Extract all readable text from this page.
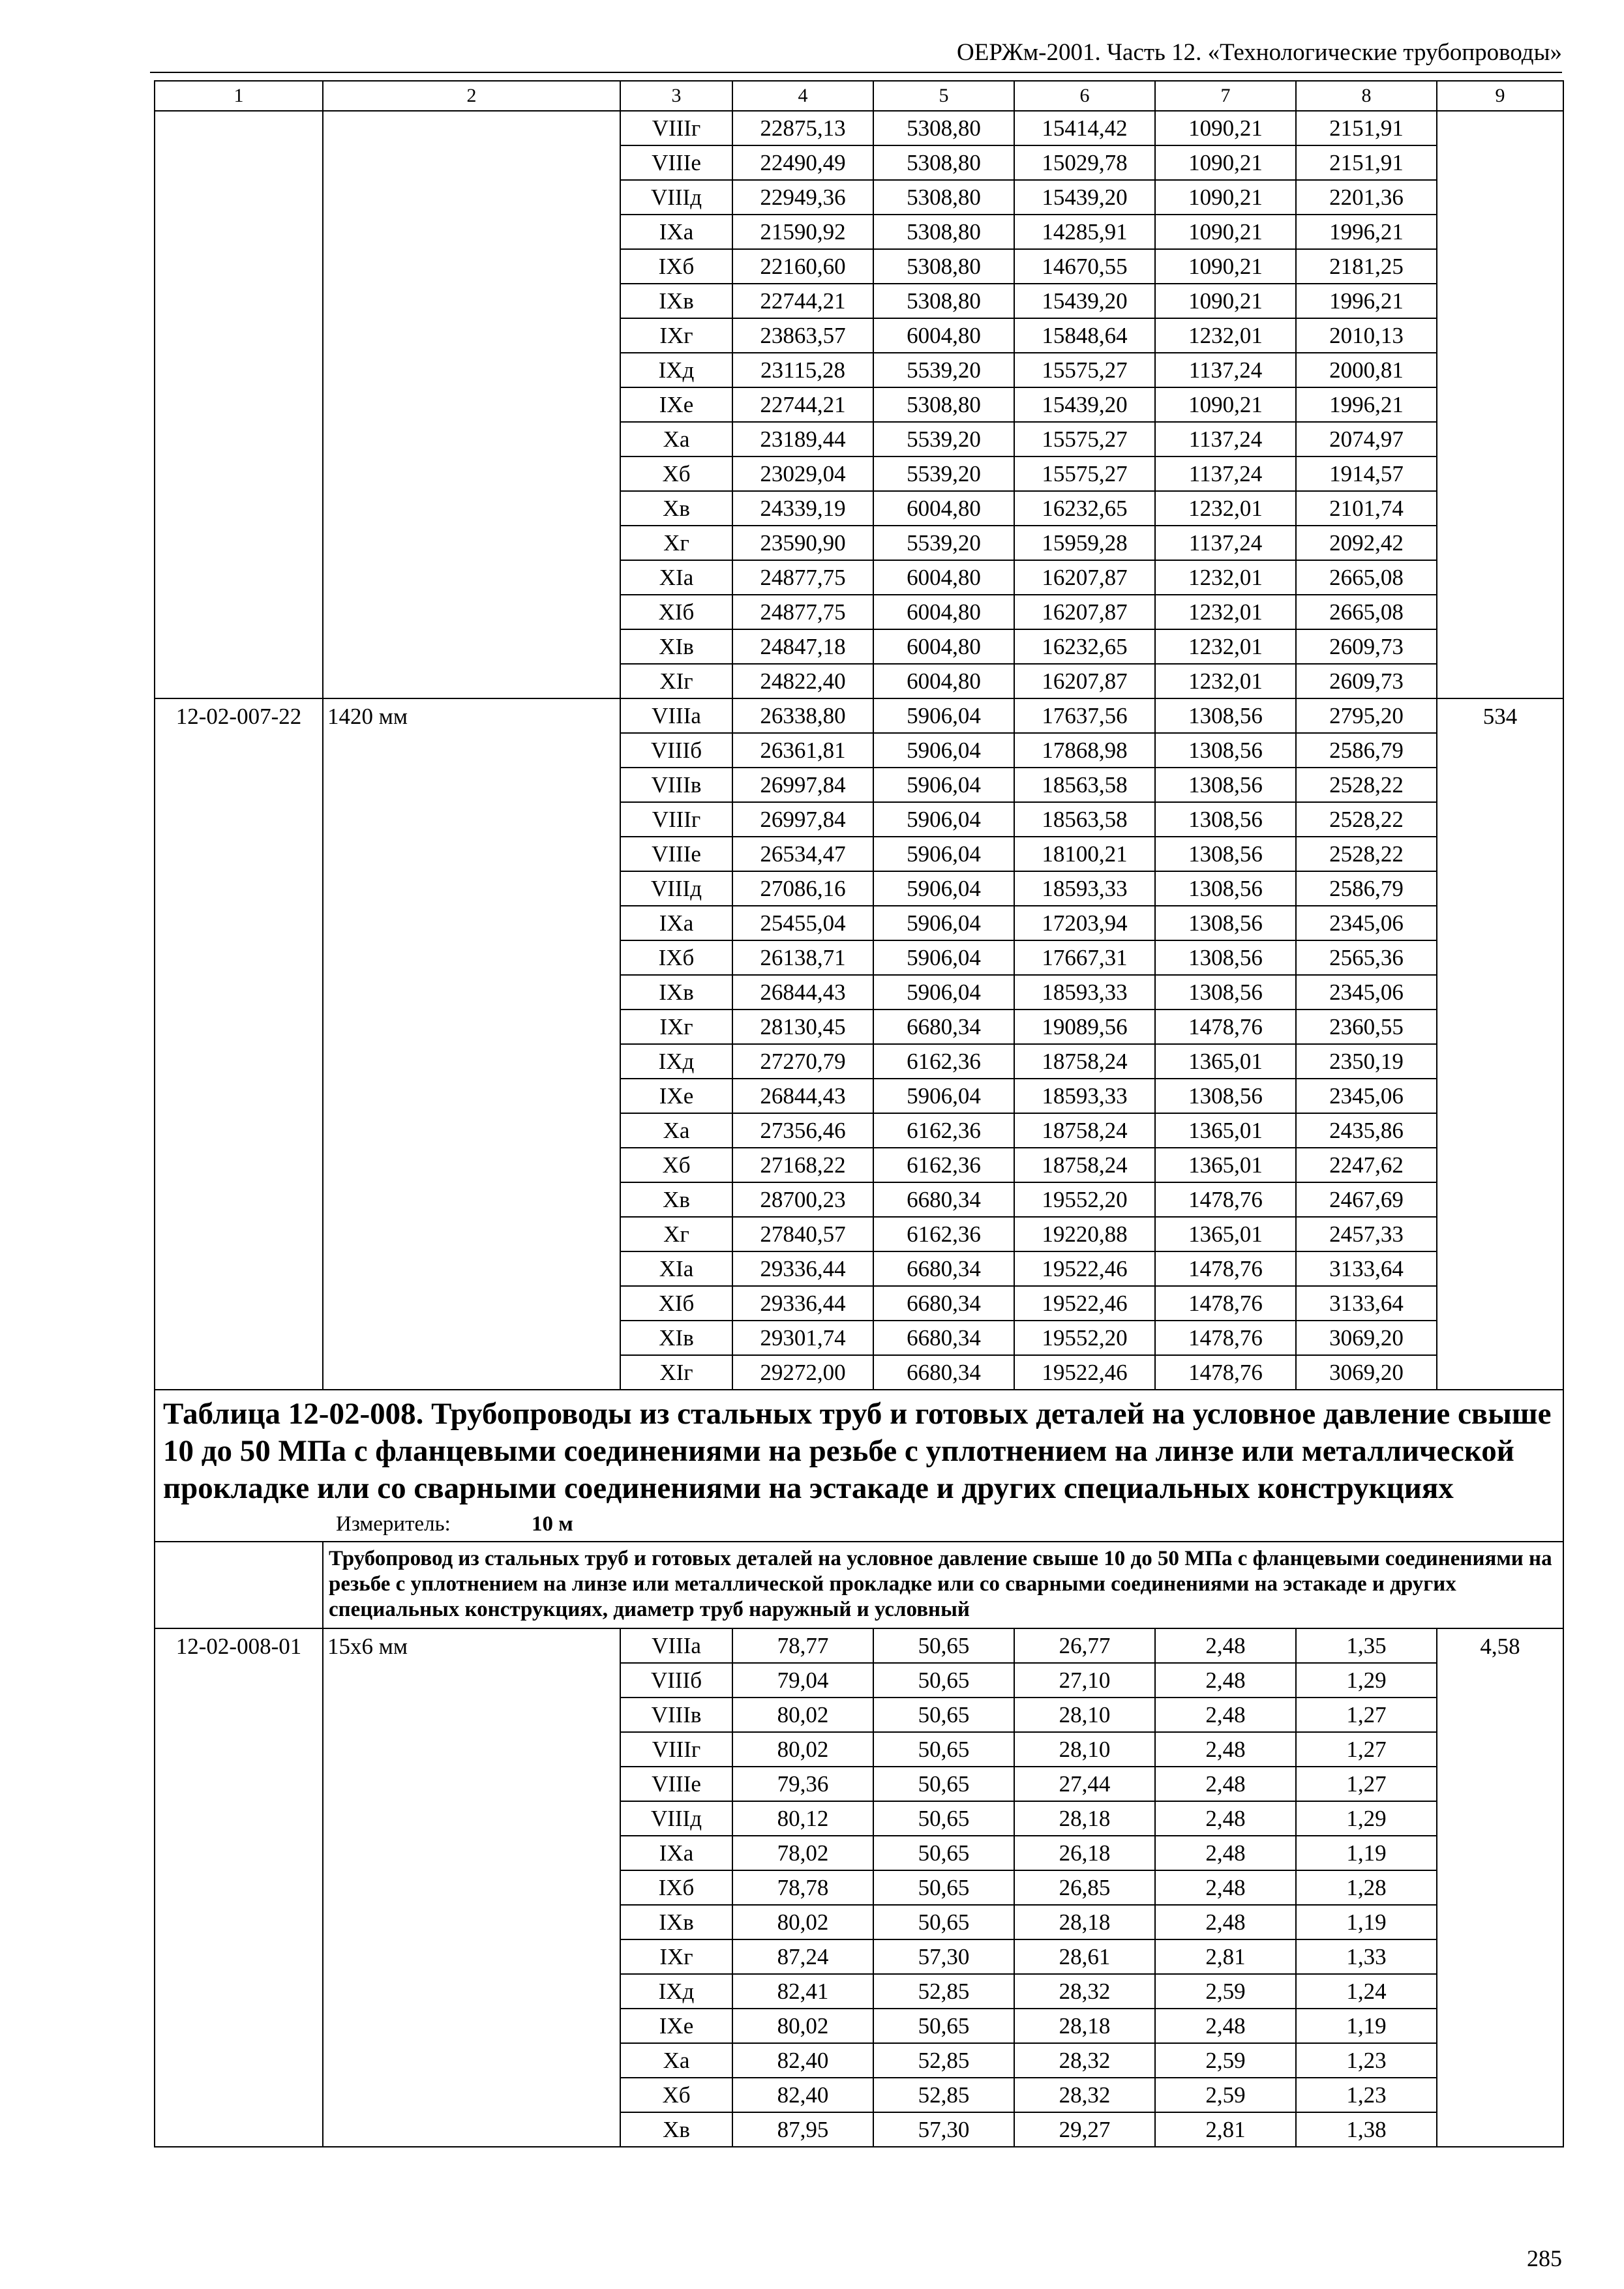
ОЕРЖм-2001. Часть 12. «Технологические трубопроводы»
1	2	3	4	5	6	7	8	9
		VIIIг	22875,13	5308,80	15414,42	1090,21	2151,91	
		VIIIе	22490,49	5308,80	15029,78	1090,21	2151,91	
		VIIIд	22949,36	5308,80	15439,20	1090,21	2201,36	
		IXа	21590,92	5308,80	14285,91	1090,21	1996,21	
		IXб	22160,60	5308,80	14670,55	1090,21	2181,25	
		IXв	22744,21	5308,80	15439,20	1090,21	1996,21	
		IXг	23863,57	6004,80	15848,64	1232,01	2010,13	
		IXд	23115,28	5539,20	15575,27	1137,24	2000,81	
		IXе	22744,21	5308,80	15439,20	1090,21	1996,21	
		Xа	23189,44	5539,20	15575,27	1137,24	2074,97	
		Xб	23029,04	5539,20	15575,27	1137,24	1914,57	
		Xв	24339,19	6004,80	16232,65	1232,01	2101,74	
		Xг	23590,90	5539,20	15959,28	1137,24	2092,42	
		XIа	24877,75	6004,80	16207,87	1232,01	2665,08	
		XIб	24877,75	6004,80	16207,87	1232,01	2665,08	
		XIв	24847,18	6004,80	16232,65	1232,01	2609,73	
		XIг	24822,40	6004,80	16207,87	1232,01	2609,73	
12-02-007-22	1420 мм	VIIIа	26338,80	5906,04	17637,56	1308,56	2795,20	534
		VIIIб	26361,81	5906,04	17868,98	1308,56	2586,79	
		VIIIв	26997,84	5906,04	18563,58	1308,56	2528,22	
		VIIIг	26997,84	5906,04	18563,58	1308,56	2528,22	
		VIIIе	26534,47	5906,04	18100,21	1308,56	2528,22	
		VIIIд	27086,16	5906,04	18593,33	1308,56	2586,79	
		IXа	25455,04	5906,04	17203,94	1308,56	2345,06	
		IXб	26138,71	5906,04	17667,31	1308,56	2565,36	
		IXв	26844,43	5906,04	18593,33	1308,56	2345,06	
		IXг	28130,45	6680,34	19089,56	1478,76	2360,55	
		IXд	27270,79	6162,36	18758,24	1365,01	2350,19	
		IXе	26844,43	5906,04	18593,33	1308,56	2345,06	
		Xа	27356,46	6162,36	18758,24	1365,01	2435,86	
		Xб	27168,22	6162,36	18758,24	1365,01	2247,62	
		Xв	28700,23	6680,34	19552,20	1478,76	2467,69	
		Xг	27840,57	6162,36	19220,88	1365,01	2457,33	
		XIа	29336,44	6680,34	19522,46	1478,76	3133,64	
		XIб	29336,44	6680,34	19522,46	1478,76	3133,64	
		XIв	29301,74	6680,34	19552,20	1478,76	3069,20	
		XIг	29272,00	6680,34	19522,46	1478,76	3069,20	

Таблица 12-02-008. Трубопроводы из стальных труб и готовых деталей на условное давление свыше 10 до 50 МПа с фланцевыми соединениями на резьбе с уплотнением на линзе или металлической прокладке или со сварными соединениями на эстакаде и других специальных конструкциях
Измеритель: 10 м								

	Трубопровод из стальных труб и готовых деталей на условное давление свыше 10 до 50 МПа с фланцевыми соединениями на резьбе с уплотнением на линзе или металлической прокладке или со сварными соединениями на эстакаде и других специальных конструкциях, диаметр труб наружный и условный							
12-02-008-01	15х6 мм	VIIIа	78,77	50,65	26,77	2,48	1,35	4,58
		VIIIб	79,04	50,65	27,10	2,48	1,29	
		VIIIв	80,02	50,65	28,10	2,48	1,27	
		VIIIг	80,02	50,65	28,10	2,48	1,27	
		VIIIе	79,36	50,65	27,44	2,48	1,27	
		VIIIд	80,12	50,65	28,18	2,48	1,29	
		IXа	78,02	50,65	26,18	2,48	1,19	
		IXб	78,78	50,65	26,85	2,48	1,28	
		IXв	80,02	50,65	28,18	2,48	1,19	
		IXг	87,24	57,30	28,61	2,81	1,33	
		IXд	82,41	52,85	28,32	2,59	1,24	
		IXе	80,02	50,65	28,18	2,48	1,19	
		Xа	82,40	52,85	28,32	2,59	1,23	
		Xб	82,40	52,85	28,32	2,59	1,23	
		Xв	87,95	57,30	29,27	2,81	1,38	
285
